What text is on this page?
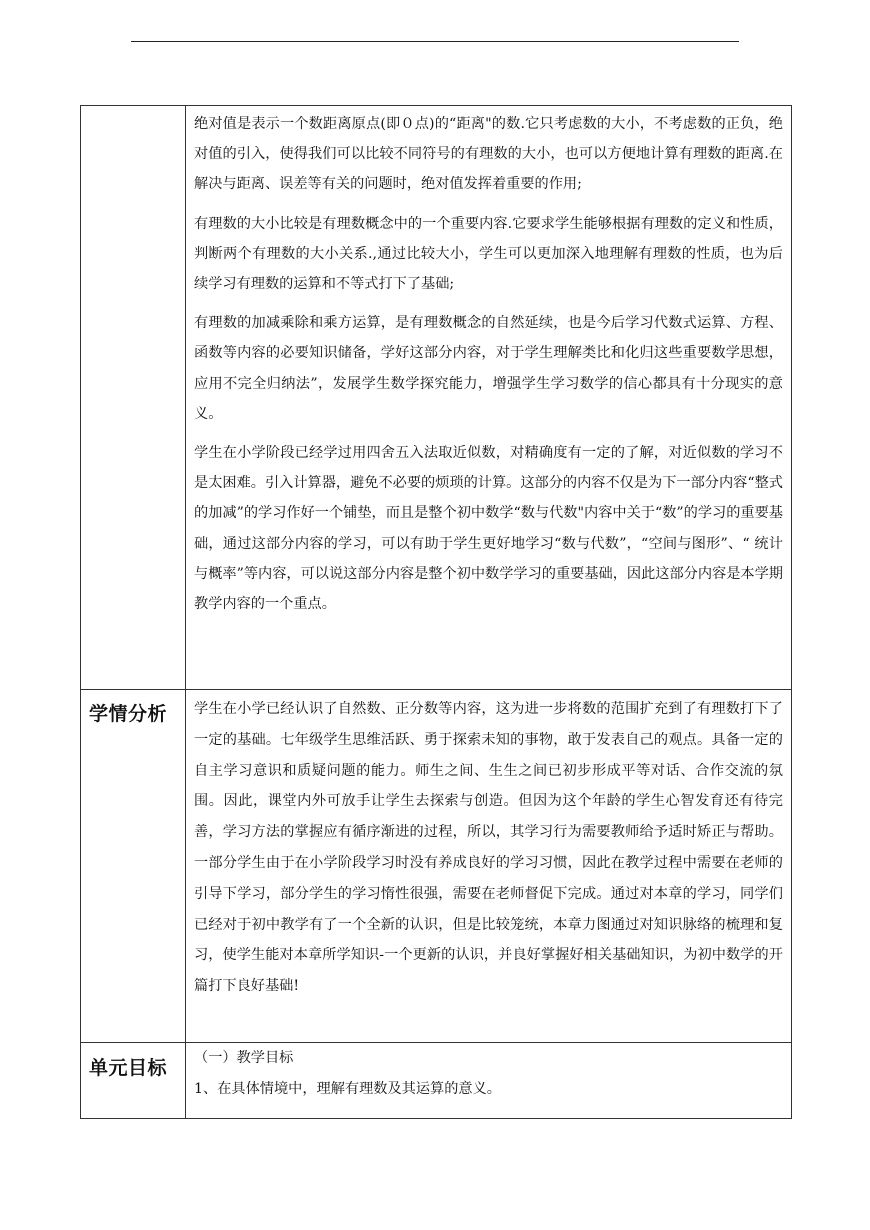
	绝对值是表示一个数距离原点(即０点)的“距离"的数.它只考虑数的大小，不考虑数的正负，绝对值的引入，使得我们可以比较不同符号的有理数的大小，也可以方便地计算有理数的距离.在解决与距离、误差等有关的问题时，绝对值发挥着重要的作用;

有理数的大小比较是有理数概念中的一个重要内容.它要求学生能够根据有理数的定义和性质，判断两个有理数的大小关系.,通过比较大小，学生可以更加深入地理解有理数的性质，也为后续学习有理数的运算和不等式打下了基础;

有理数的加减乘除和乘方运算，是有理数概念的自然延续，也是今后学习代数式运算、方程、函数等内容的必要知识储备，学好这部分内容，对于学生理解类比和化归这些重要数学思想，应用不完全归纳法”，发展学生数学探究能力，增强学生学习数学的信心都具有十分现实的意义。

学生在小学阶段已经学过用四舍五入法取近似数，对精确度有一定的了解，对近似数的学习不是太困难。引入计算器，避免不必要的烦琐的计算。这部分的内容不仅是为下一部分内容“整式的加减”的学习作好一个铺垫，而且是整个初中数学“数与代数"内容中关于“数”的学习的重要基础，通过这部分内容的学习，可以有助于学生更好地学习“数与代数”，“空间与图形”、“ 统计与概率”等内容，可以说这部分内容是整个初中数学学习的重要基础，因此这部分内容是本学期教学内容的一个重点。

学情分析	学生在小学已经认识了自然数、正分数等内容，这为进一步将数的范围扩充到了有理数打下了一定的基础。七年级学生思维活跃、勇于探索未知的事物，敢于发表自己的观点。具备一定的自主学习意识和质疑问题的能力。师生之间、生生之间已初步形成平等对话、合作交流的氛围。因此，课堂内外可放手让学生去探索与创造。但因为这个年龄的学生心智发育还有待完善，学习方法的掌握应有循序渐进的过程，所以，其学习行为需要教师给予适时矫正与帮助。一部分学生由于在小学阶段学习时没有养成良好的学习习惯，因此在教学过程中需要在老师的引导下学习，部分学生的学习惰性很强，需要在老师督促下完成。通过对本章的学习，同学们已经对于初中教学有了一个全新的认识，但是比较笼统，本章力图通过对知识脉络的梳理和复习，使学生能对本章所学知识-一个更新的认识，并良好掌握好相关基础知识，为初中数学的开篇打下良好基础!

单元目标	（一）教学目标

1、在具体情境中，理解有理数及其运算的意义。
